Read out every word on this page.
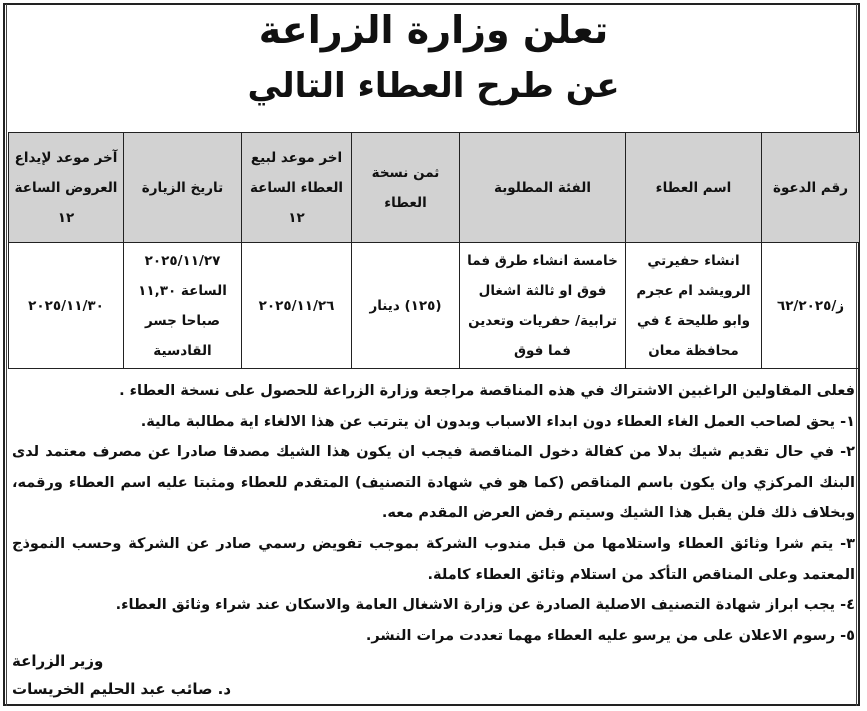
تعلن وزارة الزراعة
عن طرح العطاء التالي
رقم الدعوة	اسم العطاء	الفئة المطلوبة	ثمن نسخة العطاء	اخر موعد لبيع العطاء الساعة ١٢	تاريخ الزيارة	آخر موعد لإيداع العروض الساعة ١٢
ز/٦٢/٢٠٢٥	انشاء حفيرتي الرويشد ام عجرم وابو طليحة ٤ في محافظة معان	خامسة انشاء طرق فما فوق او ثالثة اشغال ترابية/ حفريات وتعدين فما فوق	(١٢٥) دينار	٢٠٢٥/١١/٢٦	٢٠٢٥/١١/٢٧ الساعة ١١,٣٠ صباحا جسر القادسية	٢٠٢٥/١١/٣٠

فعلى المقاولين الراغبين الاشتراك في هذه المناقصة مراجعة وزارة الزراعة للحصول على نسخة العطاء .

١- يحق لصاحب العمل الغاء العطاء دون ابداء الاسباب وبدون ان يترتب عن هذا الالغاء اية مطالبة مالية.

٢- في حال تقديم شيك بدلا من كفالة دخول المناقصة فيجب ان يكون هذا الشيك مصدقا صادرا عن مصرف معتمد لدى البنك المركزي وان يكون باسم المناقص (كما هو في شهادة التصنيف) المتقدم للعطاء ومثبتا عليه اسم العطاء ورقمه، وبخلاف ذلك فلن يقبل هذا الشيك وسيتم رفض العرض المقدم معه.

٣- يتم شرا وثائق العطاء واستلامها من قبل مندوب الشركة بموجب تفويض رسمي صادر عن الشركة وحسب النموذج المعتمد وعلى المناقص التأكد من استلام وثائق العطاء كاملة.

٤- يجب ابراز شهادة التصنيف الاصلية الصادرة عن وزارة الاشغال العامة والاسكان عند شراء وثائق العطاء.

٥- رسوم الاعلان على من يرسو عليه العطاء مهما تعددت مرات النشر.

وزير الزراعة
د. صائب عبد الحليم الخريسات
